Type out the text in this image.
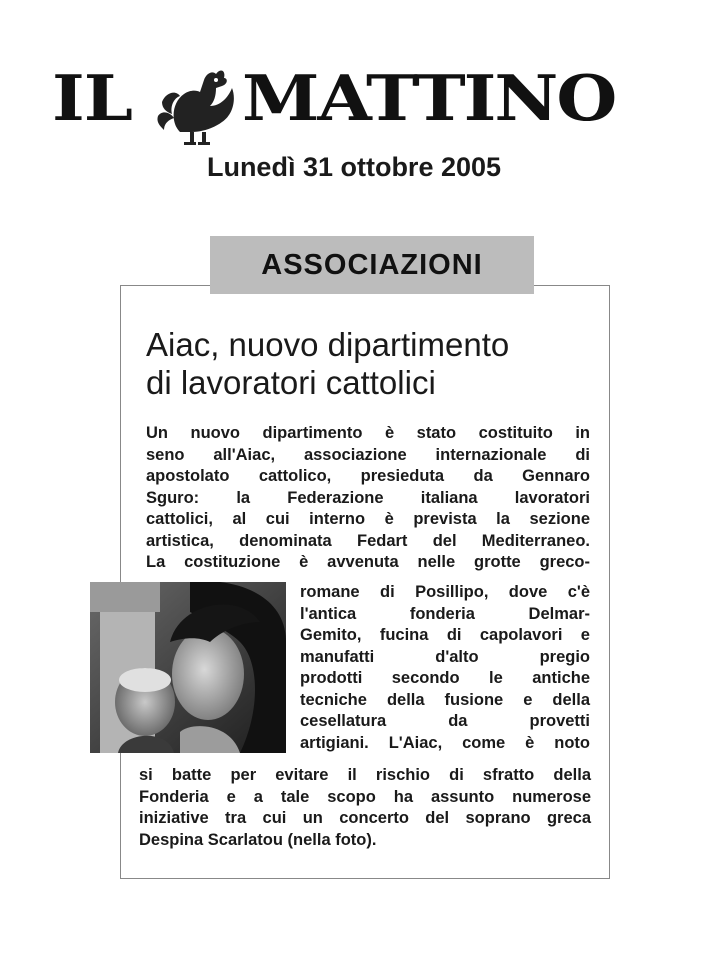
IL MATTINO
Lunedì 31 ottobre 2005
ASSOCIAZIONI
Aiac, nuovo dipartimento
di lavoratori cattolici
Un nuovo dipartimento è stato costituito in
seno all'Aiac, associazione internazionale di
apostolato cattolico, presieduta da Gennaro
Sguro: la Federazione italiana lavoratori
cattolici, al cui interno è prevista la sezione
artistica, denominata Fedart del Mediterraneo.
La costituzione è avvenuta nelle grotte greco-
romane di Posillipo, dove c'è
l'antica fonderia Delmar-
Gemito, fucina di capolavori e
manufatti d'alto pregio
prodotti secondo le antiche
tecniche della fusione e della
cesellatura da provetti
artigiani. L'Aiac, come è noto
si batte per evitare il rischio di sfratto della
Fonderia e a tale scopo ha assunto numerose
iniziative tra cui un concerto del soprano greca
Despina Scarlatou (nella foto).
